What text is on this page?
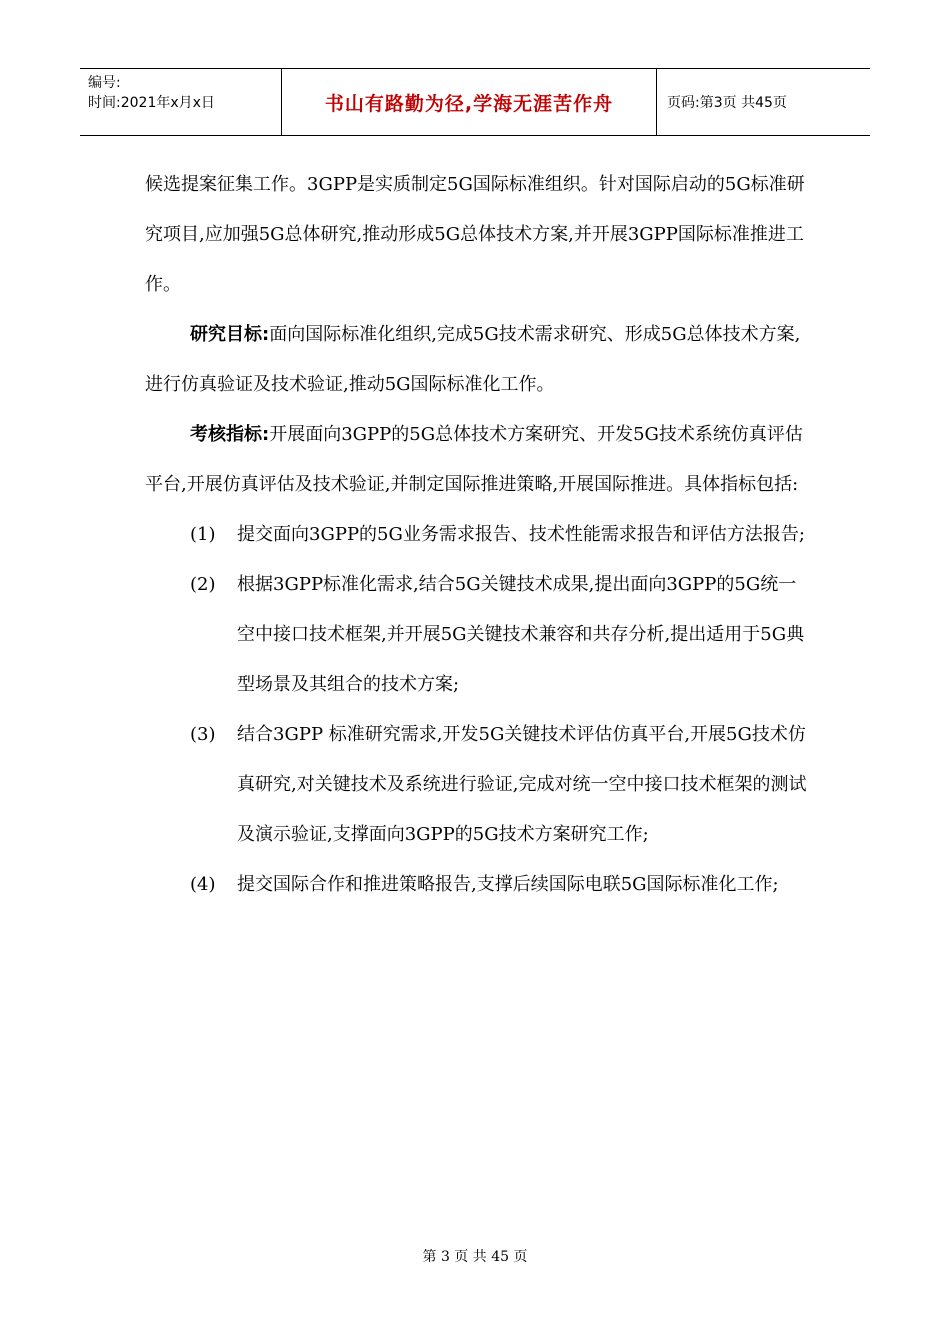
编号:
时间:2021年x月x日	书山有路勤为径,学海无涯苦作舟	页码:第3页 共45页

候选提案征集工作。3GPP是实质制定5G国际标准组织。针对国际启动的5G标准研究项目,应加强5G总体研究,推动形成5G总体技术方案,并开展3GPP国际标准推进工作。

研究目标:面向国际标准化组织,完成5G技术需求研究、形成5G总体技术方案,进行仿真验证及技术验证,推动5G国际标准化工作。

考核指标:开展面向3GPP的5G总体技术方案研究、开发5G技术系统仿真评估平台,开展仿真评估及技术验证,并制定国际推进策略,开展国际推进。具体指标包括:

(1)	提交面向3GPP的5G业务需求报告、技术性能需求报告和评估方法报告;

(2)	根据3GPP标准化需求,结合5G关键技术成果,提出面向3GPP的5G统一空中接口技术框架,并开展5G关键技术兼容和共存分析,提出适用于5G典型场景及其组合的技术方案;

(3)	结合3GPP 标准研究需求,开发5G关键技术评估仿真平台,开展5G技术仿真研究,对关键技术及系统进行验证,完成对统一空中接口技术框架的测试及演示验证,支撑面向3GPP的5G技术方案研究工作;

(4)	提交国际合作和推进策略报告,支撑后续国际电联5G国际标准化工作;

第 3 页 共 45 页
